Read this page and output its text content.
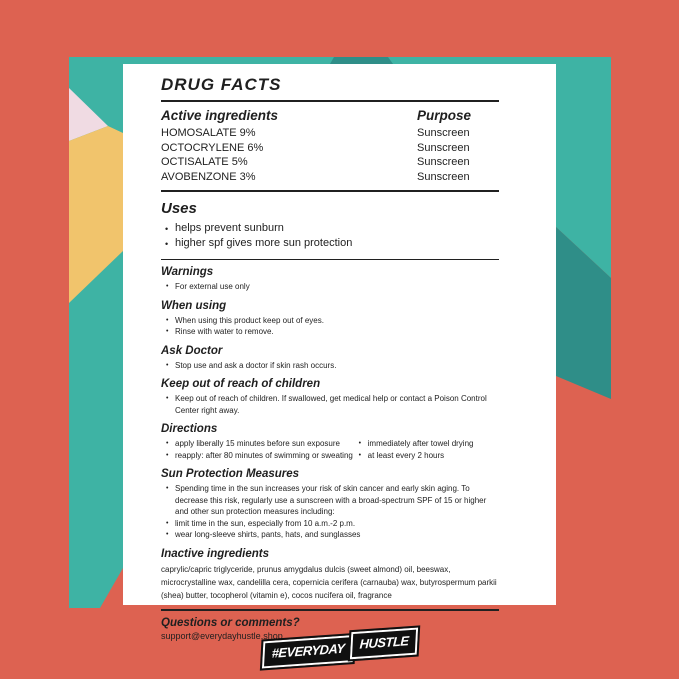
DRUG FACTS
Active ingredients	Purpose
HOMOSALATE 9%	Sunscreen
OCTOCRYLENE 6%	Sunscreen
OCTISALATE 5%	Sunscreen
AVOBENZONE 3%	Sunscreen
Uses
• helps prevent sunburn
• higher spf gives more sun protection
Warnings
• For external use only
When using
• When using this product keep out of eyes.
• Rinse with water to remove.
Ask Doctor
• Stop use and ask a doctor if skin rash occurs.
Keep out of reach of children
• Keep out of reach of children. If swallowed, get medical help or contact a Poison Control Center right away.
Directions
• apply liberally 15 minutes before sun exposure
• reapply: after 80 minutes of swimming or sweating
• immediately after towel drying
• at least every 2 hours
Sun Protection Measures
• Spending time in the sun increases your risk of skin cancer and early skin aging. To decrease this risk, regularly use a sunscreen with a broad-spectrum SPF of 15 or higher and other sun protection measures including:
• limit time in the sun, especially from 10 a.m.-2 p.m.
• wear long-sleeve shirts, pants, hats, and sunglasses
Inactive ingredients
caprylic/capric triglyceride, prunus amygdalus dulcis (sweet almond) oil, beeswax, microcrystalline wax, candelilla cera, copernicia cerifera (carnauba) wax, butyrospermum parkii (shea) butter, tocopherol (vitamin e), cocos nucifera oil, fragrance
Questions or comments?
support@everydayhustle.shop
#EVERYDAY	HUSTLE
